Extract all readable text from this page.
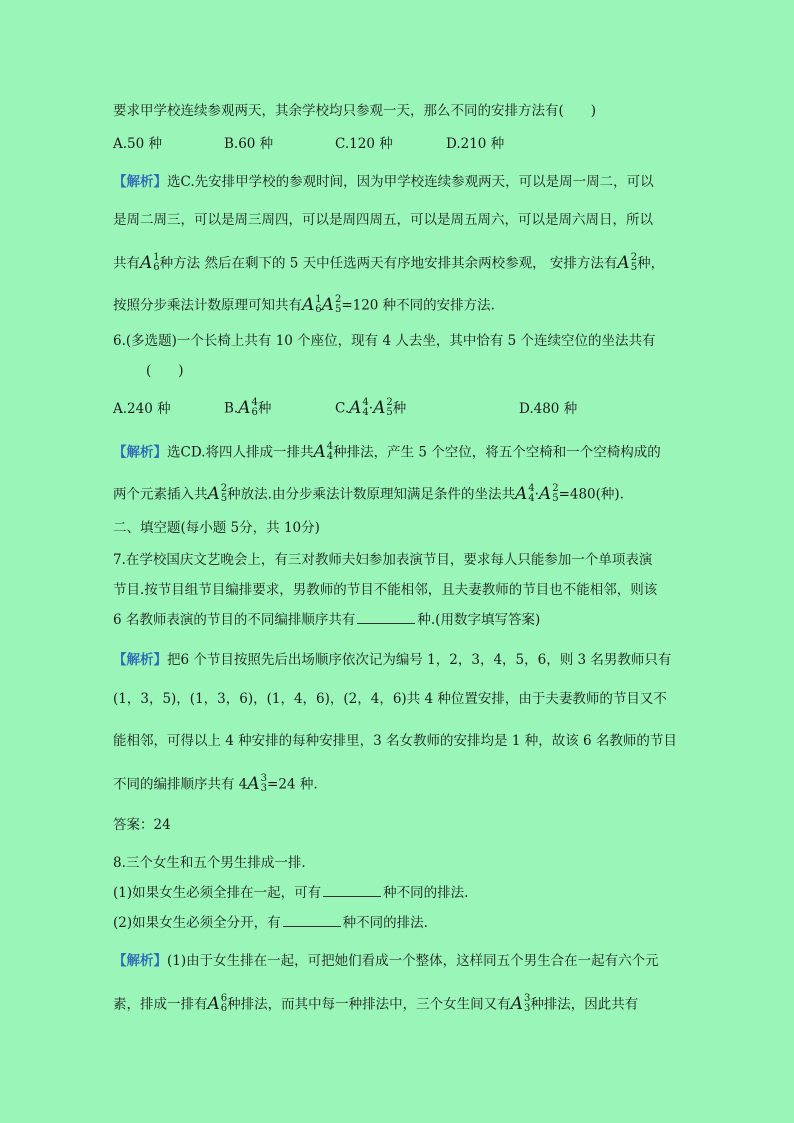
要求甲学校连续参观两天，其余学校均只参观一天，那么不同的安排方法有(　　)
A.50 种	B.60 种	C.120 种	D.210 种
【解析】选C.先安排甲学校的参观时间，因为甲学校连续参观两天，可以是周一周二，可以
是周二周三，可以是周三周四，可以是周四周五，可以是周五周六，可以是周六周日，所以
共有 A 1
6 种方法 然后在剩下的 5 天中任选两天有序地安排其余两校参观， 安排方法有 A 2
5 种，
按照分步乘法计数原理可知共有 A 1
6 A 2
5 =120 种不同的安排方法.
6.(多选题)一个长椅上共有 10 个座位，现有 4 人去坐，其中恰有 5 个连续空位的坐法共有
(　　)
A.240 种	B. A 4
6 种	C. A 4
4 · A 2
5 种	D.480 种
【解析】选CD.将四人排成一排共 A 4
4 种排法，产生 5 个空位，将五个空椅和一个空椅构成的
两个元素插入共 A 2
5 种放法.由分步乘法计数原理知满足条件的坐法共 A 4
4 · A 2
5 =480(种).
二、填空题(每小题 5分，共 10分)
7.在学校国庆文艺晚会上，有三对教师夫妇参加表演节目，要求每人只能参加一个单项表演
节目.按节目组节目编排要求，男教师的节目不能相邻，且夫妻教师的节目也不能相邻，则该
6 名教师表演的节目的不同编排顺序共有	种.(用数字填写答案)
【解析】把6 个节目按照先后出场顺序依次记为编号 1，2，3，4，5，6，则 3 名男教师只有
(1，3，5)，(1，3，6)，(1，4，6)，(2，4，6)共 4 种位置安排，由于夫妻教师的节目又不
能相邻，可得以上 4 种安排的每种安排里，3 名女教师的安排均是 1 种，故该 6 名教师的节目
不同的编排顺序共有 4 A 3
3 =24 种.
答案：24
8.三个女生和五个男生排成一排.
(1)如果女生必须全排在一起，可有	种不同的排法.
(2)如果女生必须全分开，有	种不同的排法.
【解析】(1)由于女生排在一起，可把她们看成一个整体，这样同五个男生合在一起有六个元
素，排成一排有 A 6
6 种排法，而其中每一种排法中，三个女生间又有 A 3
3 种排法，因此共有
